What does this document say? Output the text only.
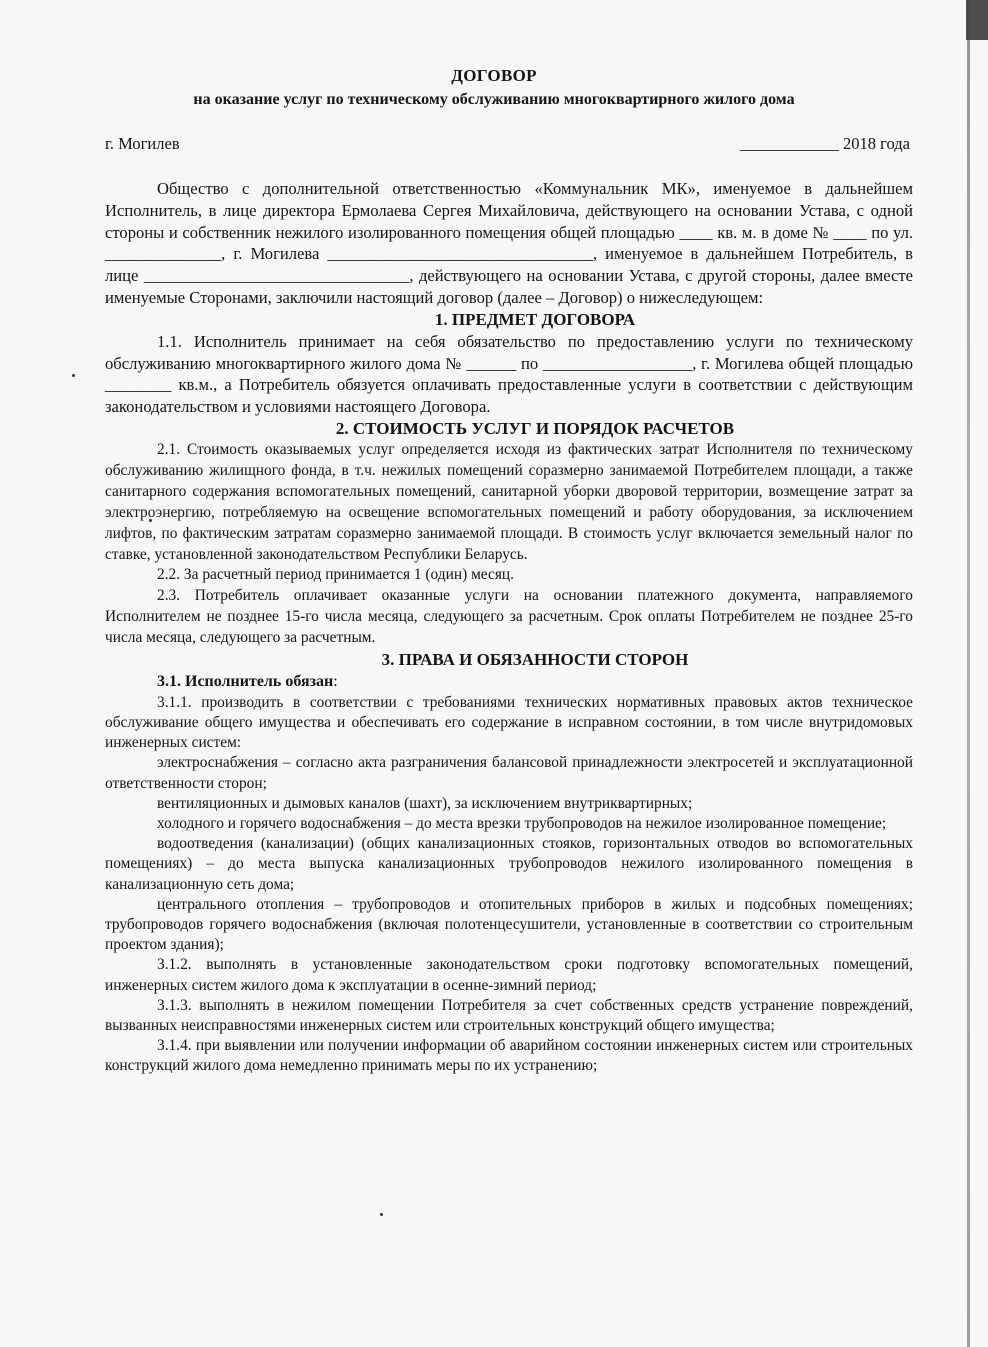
ДОГОВОР
на оказание услуг по техническому обслуживанию многоквартирного жилого дома
г. Могилев	____________ 2018 года

Общество с дополнительной ответственностью «Коммунальник МК», именуемое в дальнейшем Исполнитель, в лице директора Ермолаева Сергея Михайловича, действующего на основании Устава, с одной стороны и собственник нежилого изолированного помещения общей площадью ____ кв. м. в доме № ____ по ул. ______________, г. Могилева ________________________________, именуемое в дальнейшем Потребитель, в лице ________________________________, действующего на основании Устава, с другой стороны, далее вместе именуемые Сторонами, заключили настоящий договор (далее – Договор) о нижеследующем:

1. ПРЕДМЕТ ДОГОВОРА

1.1. Исполнитель принимает на себя обязательство по предоставлению услуги по техническому обслуживанию многоквартирного жилого дома № ______ по __________________, г. Могилева общей площадью ________ кв.м., а Потребитель обязуется оплачивать предоставленные услуги в соответствии с действующим законодательством и условиями настоящего Договора.

2. СТОИМОСТЬ УСЛУГ И ПОРЯДОК РАСЧЕТОВ

2.1. Стоимость оказываемых услуг определяется исходя из фактических затрат Исполнителя по техническому обслуживанию жилищного фонда, в т.ч. нежилых помещений соразмерно занимаемой Потребителем площади, а также санитарного содержания вспомогательных помещений, санитарной уборки дворовой территории, возмещение затрат за электроэнергию, потребляемую на освещение вспомогательных помещений и работу оборудования, за исключением лифтов, по фактическим затратам соразмерно занимаемой площади. В стоимость услуг включается земельный налог по ставке, установленной законодательством Республики Беларусь.

2.2. За расчетный период принимается 1 (один) месяц.

2.3. Потребитель оплачивает оказанные услуги на основании платежного документа, направляемого Исполнителем не позднее 15-го числа месяца, следующего за расчетным. Срок оплаты Потребителем не позднее 25-го числа месяца, следующего за расчетным.

3. ПРАВА И ОБЯЗАННОСТИ СТОРОН

3.1. Исполнитель обязан:

3.1.1. производить в соответствии с требованиями технических нормативных правовых актов техническое обслуживание общего имущества и обеспечивать его содержание в исправном состоянии, в том числе внутридомовых инженерных систем:

электроснабжения – согласно акта разграничения балансовой принадлежности электросетей и эксплуатационной ответственности сторон;

вентиляционных и дымовых каналов (шахт), за исключением внутриквартирных;

холодного и горячего водоснабжения – до места врезки трубопроводов на нежилое изолированное помещение;

водоотведения (канализации) (общих канализационных стояков, горизонтальных отводов во вспомогательных помещениях) – до места выпуска канализационных трубопроводов нежилого изолированного помещения в канализационную сеть дома;

центрального отопления – трубопроводов и отопительных приборов в жилых и подсобных помещениях; трубопроводов горячего водоснабжения (включая полотенцесушители, установленные в соответствии со строительным проектом здания);

3.1.2. выполнять в установленные законодательством сроки подготовку вспомогательных помещений, инженерных систем жилого дома к эксплуатации в осенне-зимний период;

3.1.3. выполнять в нежилом помещении Потребителя за счет собственных средств устранение повреждений, вызванных неисправностями инженерных систем или строительных конструкций общего имущества;

3.1.4. при выявлении или получении информации об аварийном состоянии инженерных систем или строительных конструкций жилого дома немедленно принимать меры по их устранению;
